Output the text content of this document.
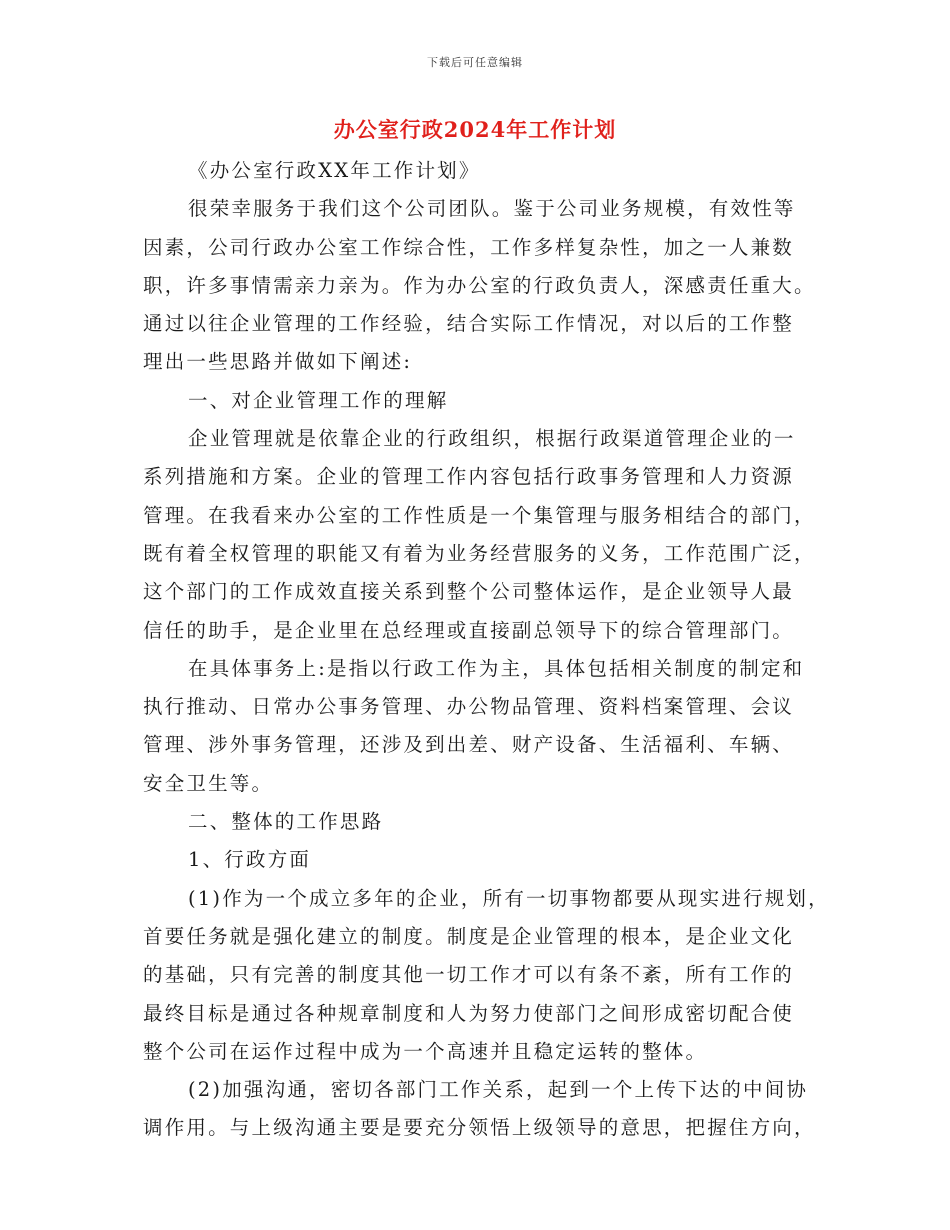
下载后可任意编辑
办公室行政2024年工作计划
《办公室行政XX年工作计划》
很荣幸服务于我们这个公司团队。鉴于公司业务规模，有效性等
因素，公司行政办公室工作综合性，工作多样复杂性，加之一人兼数
职，许多事情需亲力亲为。作为办公室的行政负责人，深感责任重大。
通过以往企业管理的工作经验，结合实际工作情况，对以后的工作整
理出一些思路并做如下阐述:
一、对企业管理工作的理解
企业管理就是依靠企业的行政组织，根据行政渠道管理企业的一
系列措施和方案。企业的管理工作内容包括行政事务管理和人力资源
管理。在我看来办公室的工作性质是一个集管理与服务相结合的部门，
既有着全权管理的职能又有着为业务经营服务的义务，工作范围广泛，
这个部门的工作成效直接关系到整个公司整体运作，是企业领导人最
信任的助手，是企业里在总经理或直接副总领导下的综合管理部门。
在具体事务上:是指以行政工作为主，具体包括相关制度的制定和
执行推动、日常办公事务管理、办公物品管理、资料档案管理、会议
管理、涉外事务管理，还涉及到出差、财产设备、生活福利、车辆、
安全卫生等。
二、整体的工作思路
1、行政方面
(1)作为一个成立多年的企业，所有一切事物都要从现实进行规划，
首要任务就是强化建立的制度。制度是企业管理的根本，是企业文化
的基础，只有完善的制度其他一切工作才可以有条不紊，所有工作的
最终目标是通过各种规章制度和人为努力使部门之间形成密切配合使
整个公司在运作过程中成为一个高速并且稳定运转的整体。
(2)加强沟通，密切各部门工作关系，起到一个上传下达的中间协
调作用。与上级沟通主要是要充分领悟上级领导的意思，把握住方向，
